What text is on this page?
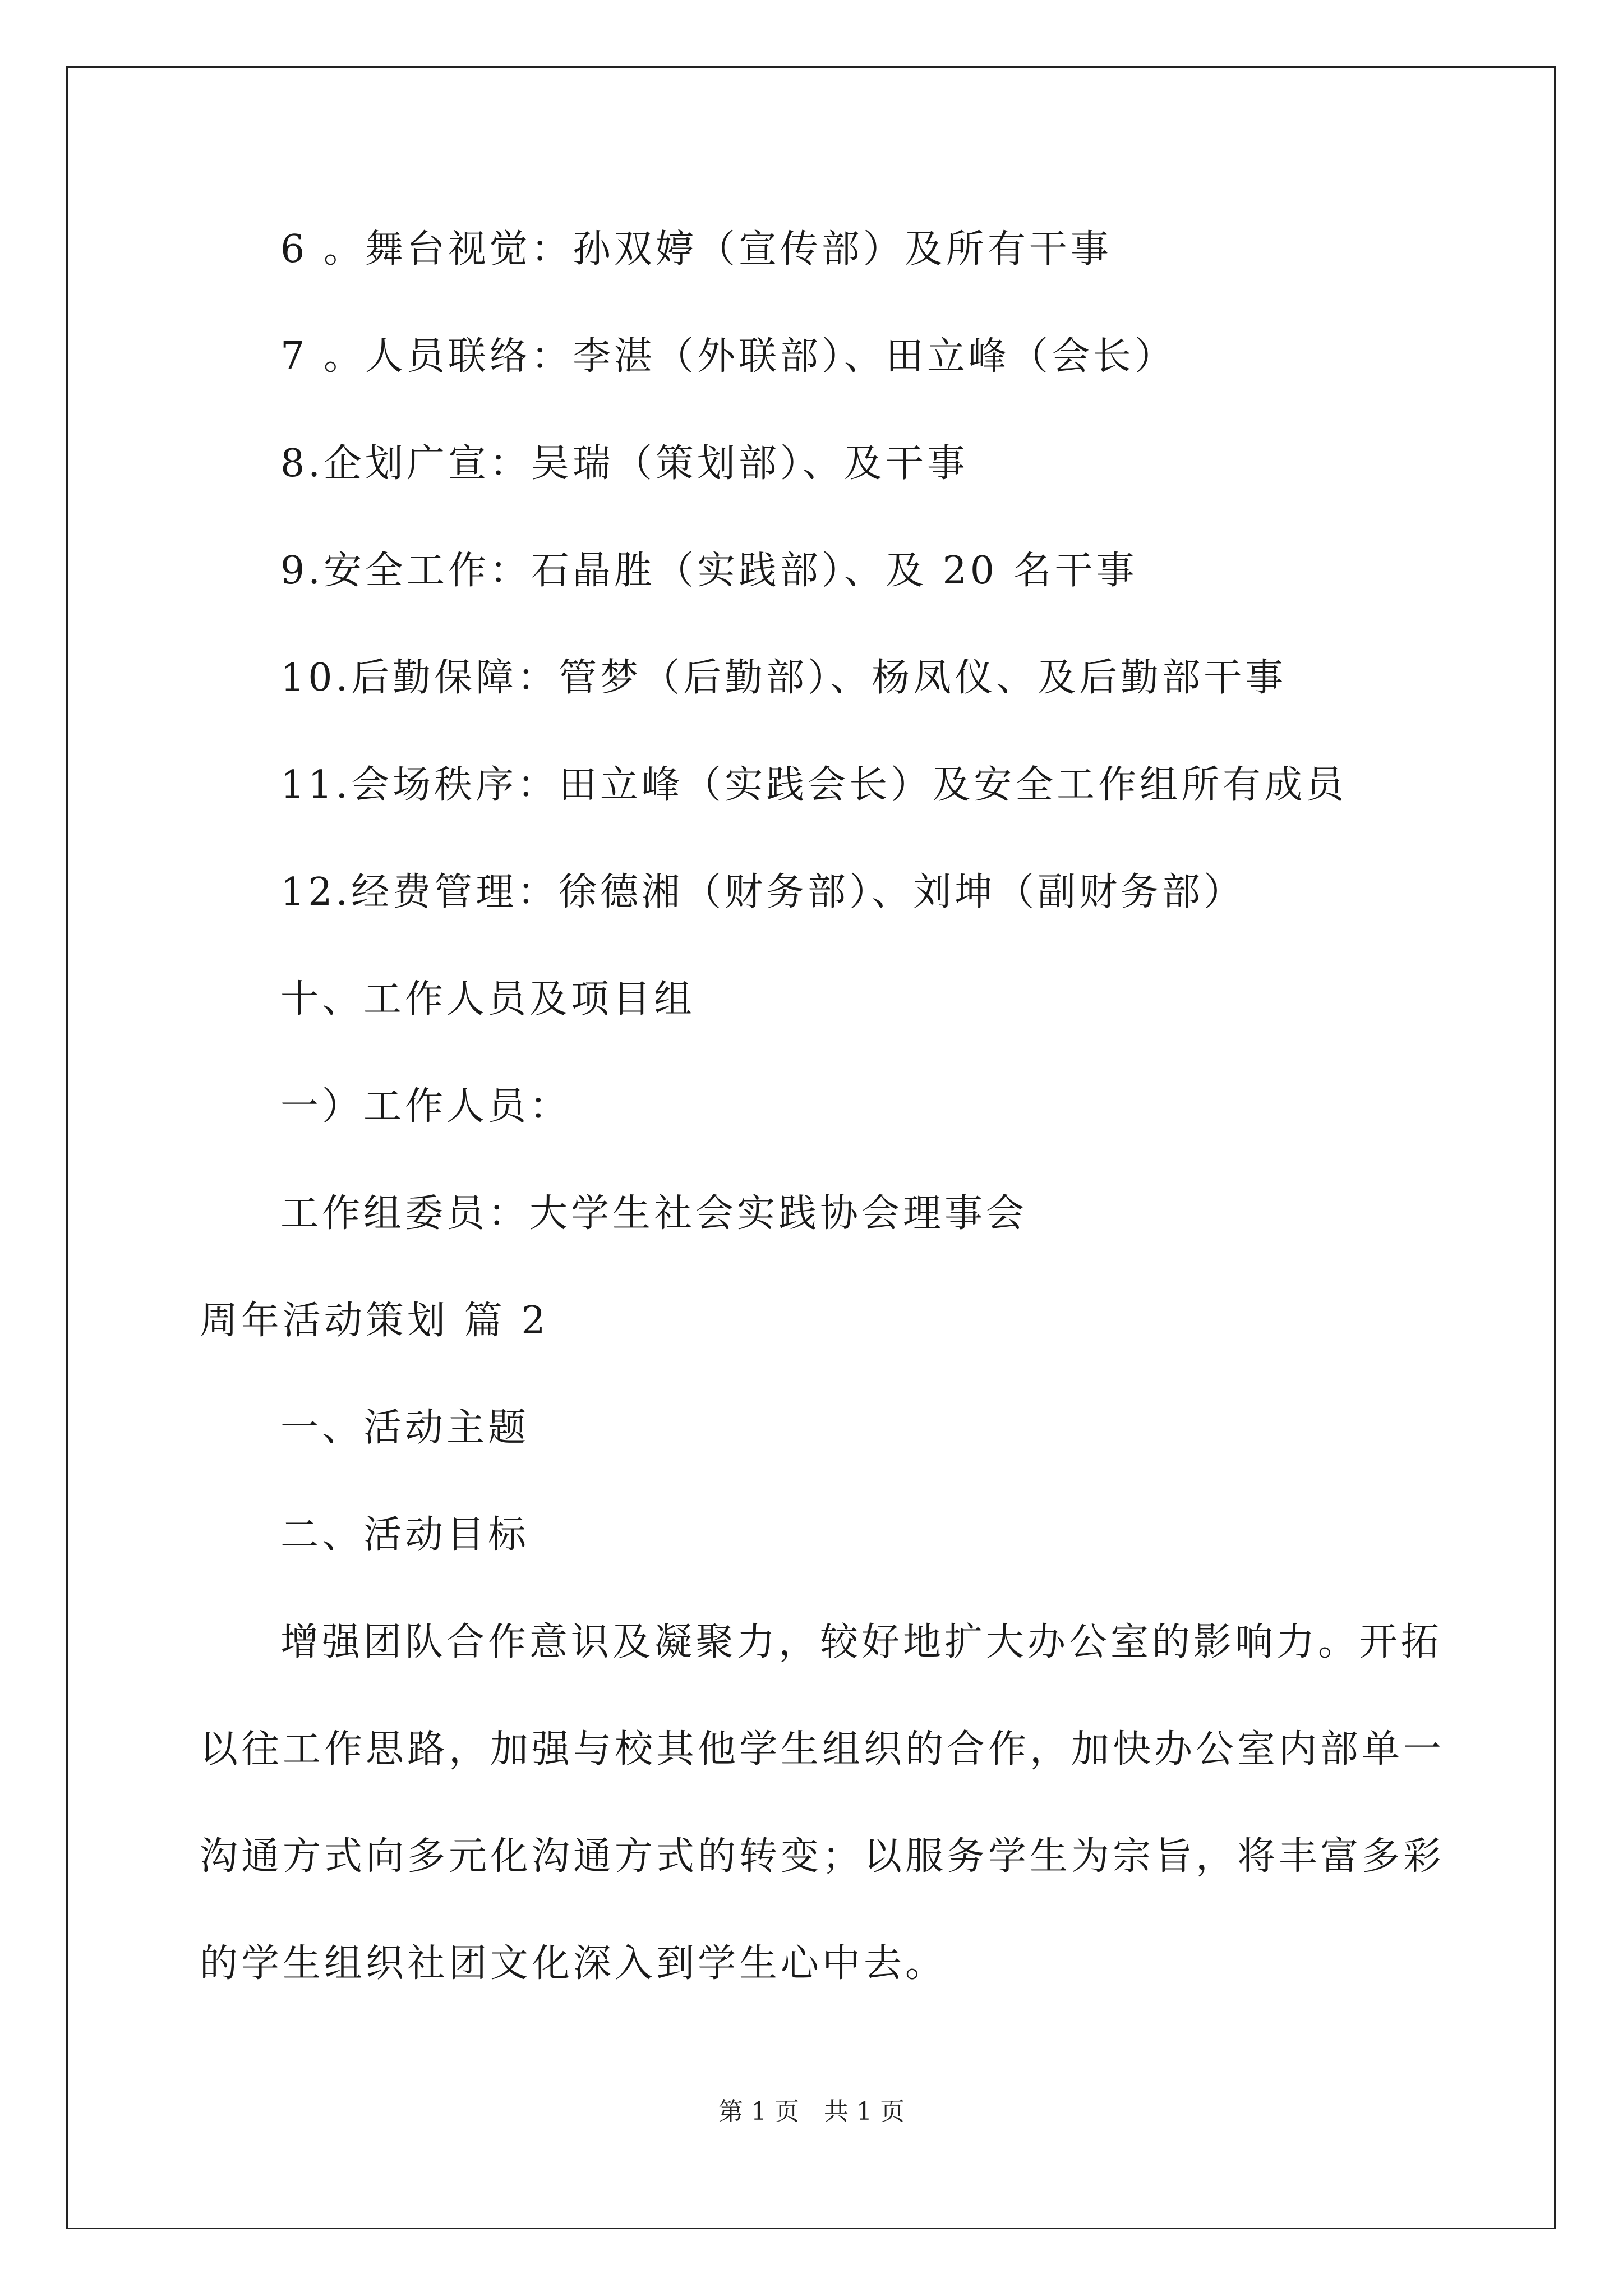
6 。舞台视觉：孙双婷（宣传部）及所有干事
7 。人员联络：李湛（外联部）、田立峰（会长）
8.企划广宣：吴瑞（策划部）、及干事
9.安全工作：石晶胜（实践部）、及 20 名干事
10.后勤保障：管梦（后勤部）、杨凤仪、及后勤部干事
11.会场秩序：田立峰（实践会长）及安全工作组所有成员
12.经费管理：徐德湘（财务部）、刘坤（副财务部）
十、工作人员及项目组
一）工作人员：
工作组委员：大学生社会实践协会理事会
周年活动策划 篇 2
一、活动主题
二、活动目标
增强团队合作意识及凝聚力，较好地扩大办公室的影响力。开拓
以往工作思路，加强与校其他学生组织的合作，加快办公室内部单一
沟通方式向多元化沟通方式的转变；以服务学生为宗旨，将丰富多彩
的学生组织社团文化深入到学生心中去。
第 1 页　共 1 页
